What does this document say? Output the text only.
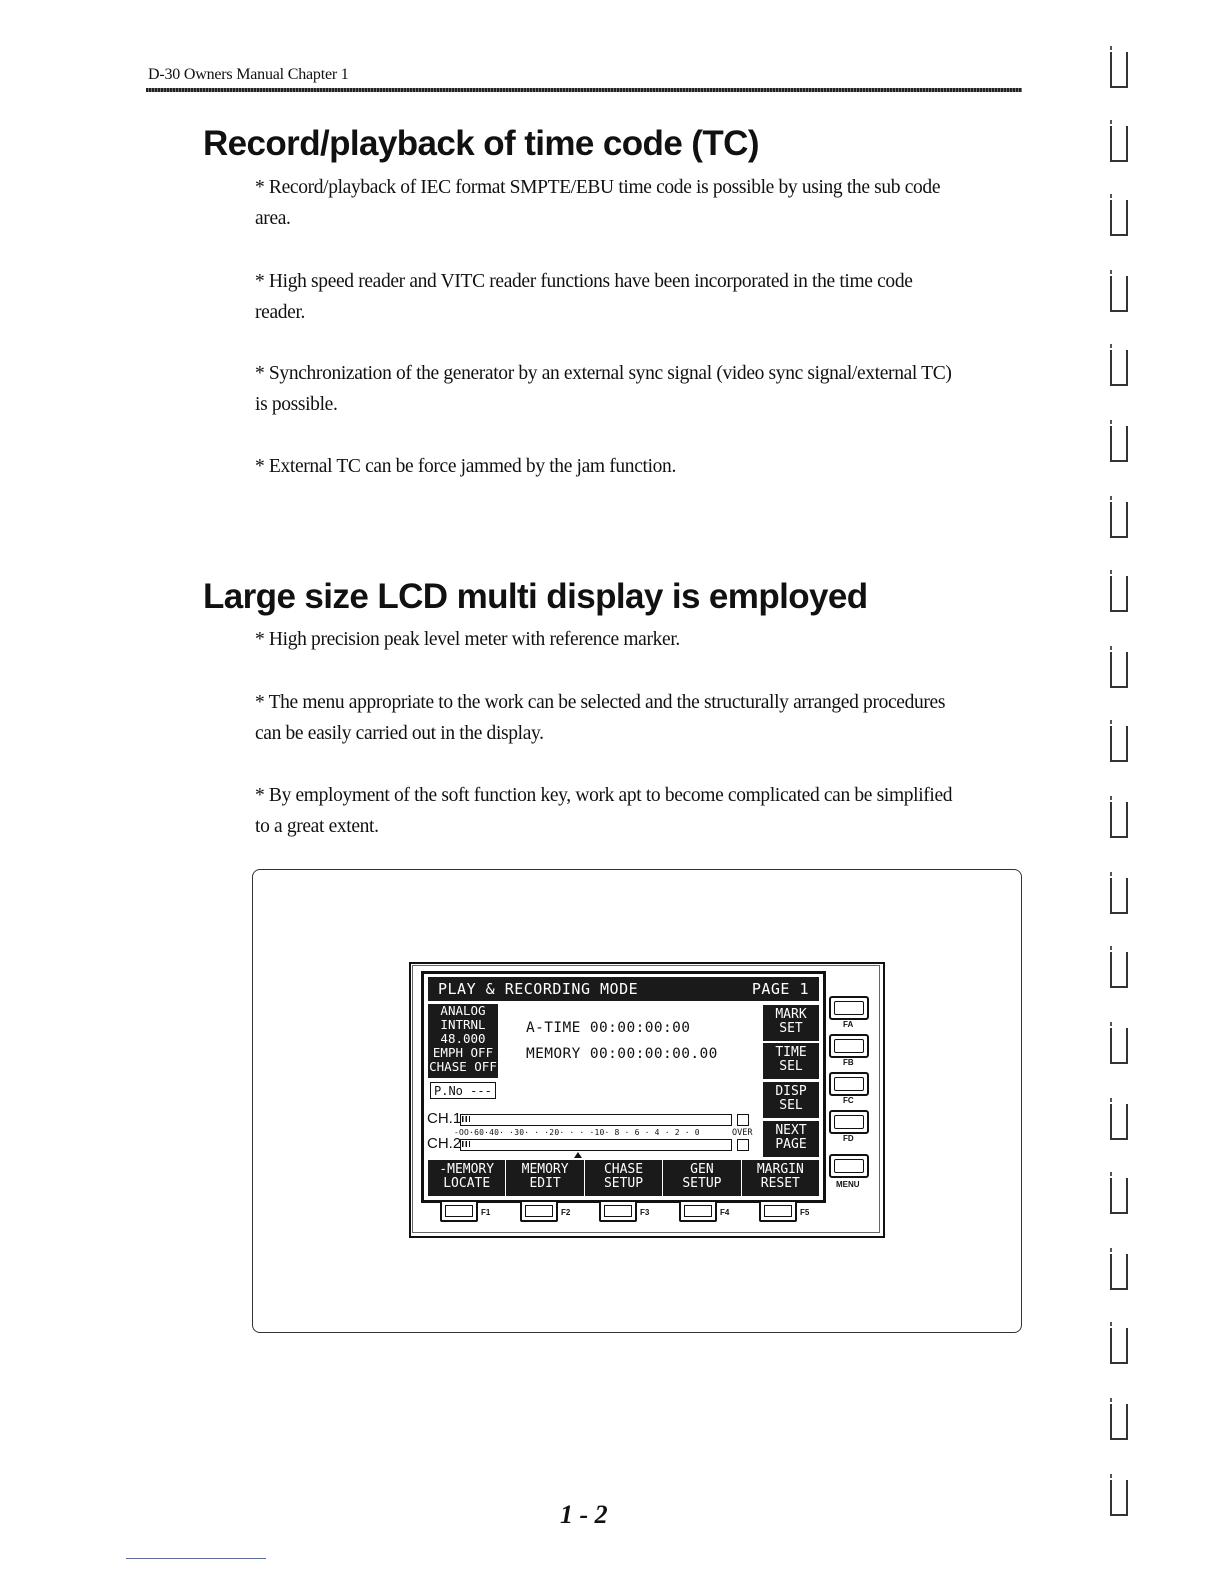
D-30 Owners Manual Chapter 1
Record/playback of time code (TC)

* Record/playback of IEC format SMPTE/EBU time code is possible by using the sub code
area.

* High speed reader and VITC reader functions have been incorporated in the time code
reader.

* Synchronization of the generator by an external sync signal (video sync signal/external TC)
is possible.

* External TC can be force jammed by the jam function.

Large size LCD multi display is employed

* High precision peak level meter with reference marker.

* The menu appropriate to the work can be selected and the structurally arranged procedures
can be easily carried out in the display.

* By employment of the soft function key, work apt to become complicated can be simplified
to a great extent.

PLAY & RECORDING MODE	PAGE 1
ANALOG
INTRNL
48.000
EMPH OFF
CHASE OFF
P.No ---
A-TIME 00:00:00:00
MEMORY 00:00:00:00.00
MARK
SET
TIME
SEL
DISP
SEL
NEXT
PAGE
CH.1
-OO·60·40· ·30· · ·20· · · ·10· 8 · 6 · 4 · 2 · 0	OVER
CH.2
-MEMORY
LOCATE
MEMORY
EDIT
CHASE
SETUP
GEN
SETUP
MARGIN
RESET
FA
FB
FC
FD
MENU
F1	F2	F3	F4	F5
1 - 2
